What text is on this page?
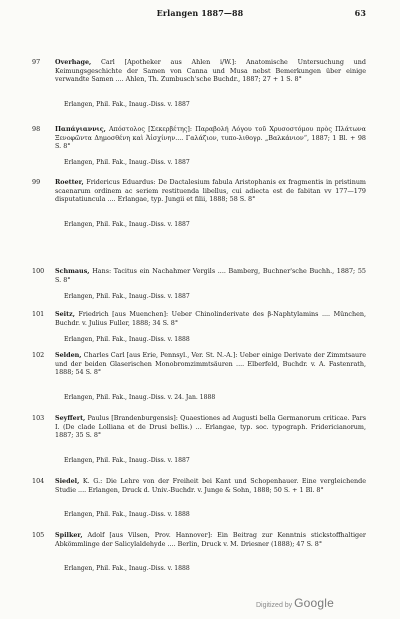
Erlangen 1887—88	63
97 Overhage, Carl [Apotheker aus Ahlen i/W.]: Anatomische Untersuchung und Keimungsgeschichte der Samen von Canna und Musa nebst Bemerkungen über einige verwandte Samen .... Ahlen, Th. Zumbusch'sche Buchdr., 1887; 27 + 1 S. 8°
Erlangen, Phil. Fak., Inaug.-Diss. v. 1887
98 Παπάγιαννις, Απόστολος [Σεκερβέτης]: Παραβολή Λόγου τοῦ Χρυσοστόμου πρὸς Πλάτωνα Ξενοφῶντα Δημοσθένη καὶ Ἀἰσχίνην.... Γαλάζιον, τυπο-λιθογρ. „Βαλκάνιον“, 1887; 1 Bl. + 98 S. 8°
Erlangen, Phil. Fak., Inaug.-Diss. v. 1887
99 Roetter, Fridericus Eduardus: De Dactalesium fabula Aristophanis ex fragmentis in pristinum scaenarum ordinem ac seriem restituenda libellus, cui adiecta est de fabitan vv 177—179 disputatiuncula .... Erlangae, typ. Jungii et filii, 1888; 58 S. 8°
Erlangen, Phil. Fak., Inaug.-Diss. v. 1887
100 Schmaus, Hans: Tacitus ein Nachahmer Vergils .... Bamberg, Buchner'sche Buchh., 1887; 55 S. 8°
Erlangen, Phil. Fak., Inaug.-Diss. v. 1887
101 Seitz, Friedrich [aus Muenchen]: Ueber Chinolinderivate des β-Naphtylamins .... München, Buchdr. v. Julius Fuller, 1888; 34 S. 8°
Erlangen, Phil. Fak., Inaug.-Diss. v. 1888
102 Selden, Charles Carl [aus Erie, Pennsyl., Ver. St. N.-A.]: Ueber einige Derivate der Zimmtsaure und der beiden Glaserischen Monobromzimmtsäuren .... Elberfeld, Buchdr. v. A. Fastenrath, 1888; 54 S. 8°
Erlangen, Phil. Fak., Inaug.-Diss. v. 24. Jan. 1888
103 Seyffert, Paulus [Brandenburgensis]: Quaestiones ad Augusti bella Germanorum criticae. Pars I. (De clade Lolliana et de Drusi bellis.) ... Erlangae, typ. soc. typograph. Fridericianorum, 1887; 35 S. 8°
Erlangen, Phil. Fak., Inaug.-Diss. v. 1887
104 Siedel, K. G.: Die Lehre von der Freiheit bei Kant und Schopenhauer. Eine vergleichende Studie .... Erlangen, Druck d. Univ.-Buchdr. v. Junge & Sohn, 1888; 50 S. + 1 Bl. 8°
Erlangen, Phil. Fak., Inaug.-Diss. v. 1888
105 Spilker, Adolf [aus Vilsen, Prov. Hannover]: Ein Beitrag zur Kenntnis stickstoffhaltiger Abkömmlinge der Salicylaldehyde .... Berlin, Druck v. M. Driesner (1888); 47 S. 8°
Erlangen, Phil. Fak., Inaug.-Diss. v. 1888
Digitized by Google
